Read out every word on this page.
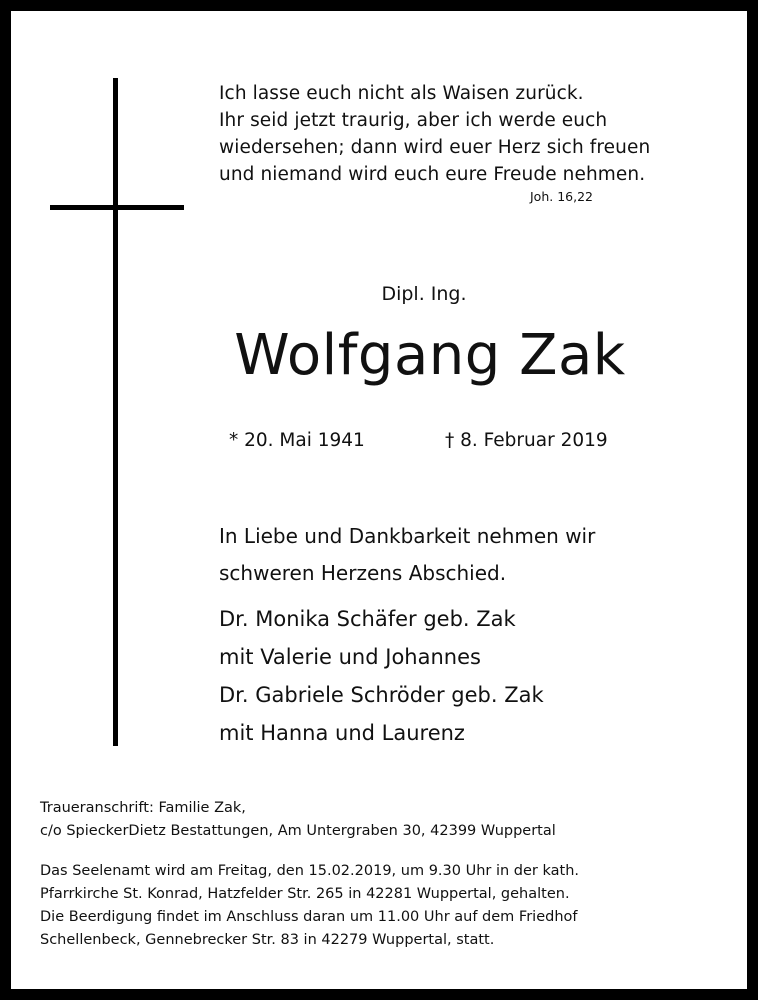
Ich lasse euch nicht als Waisen zurück.
Ihr seid jetzt traurig, aber ich werde euch
wiedersehen; dann wird euer Herz sich freuen
und niemand wird euch eure Freude nehmen.
Joh. 16,22
Dipl. Ing.
Wolfgang Zak
* 20. Mai 1941	† 8. Februar 2019
In Liebe und Dankbarkeit nehmen wir
schweren Herzens Abschied.
Dr. Monika Schäfer geb. Zak
mit Valerie und Johannes
Dr. Gabriele Schröder geb. Zak
mit Hanna und Laurenz
Traueranschrift: Familie Zak,
c/o SpieckerDietz Bestattungen, Am Untergraben 30, 42399 Wuppertal
Das Seelenamt wird am Freitag, den 15.02.2019, um 9.30 Uhr in der kath.
Pfarrkirche St. Konrad, Hatzfelder Str. 265 in 42281 Wuppertal, gehalten.
Die Beerdigung findet im Anschluss daran um 11.00 Uhr auf dem Friedhof
Schellenbeck, Gennebrecker Str. 83 in 42279 Wuppertal, statt.
